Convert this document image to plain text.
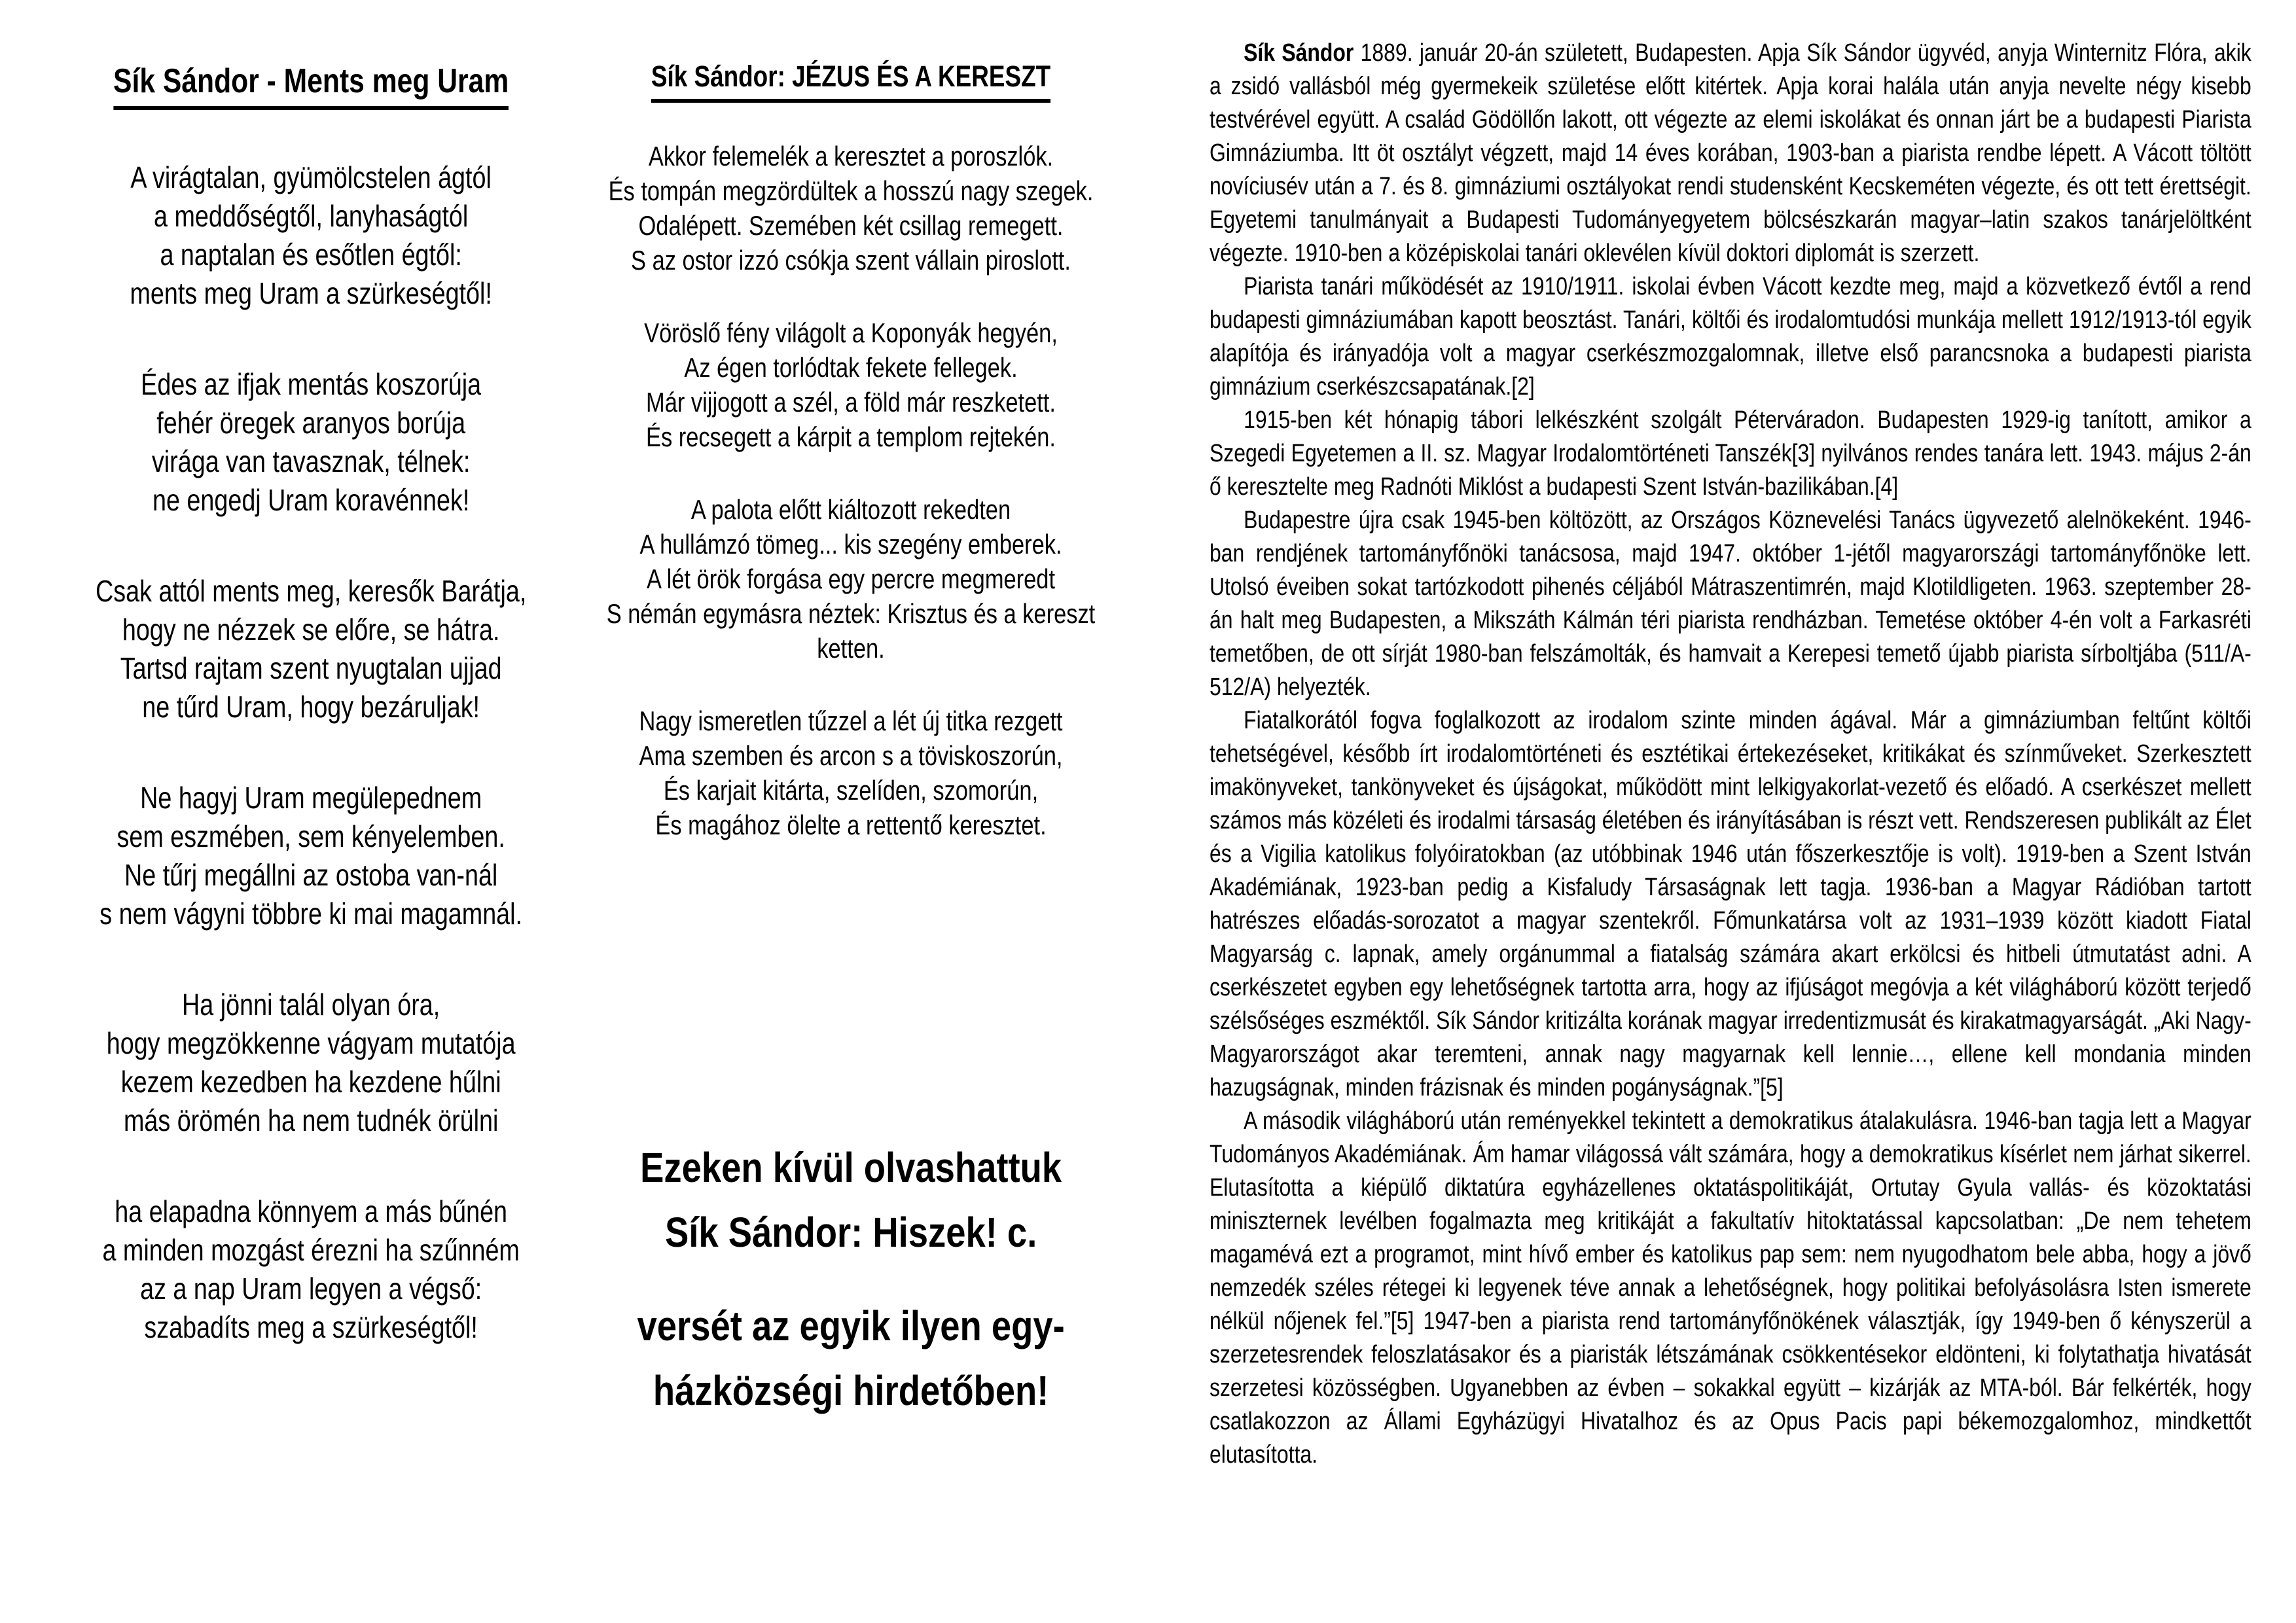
Sík Sándor - Ments meg Uram
A virágtalan, gyümölcstelen ágtól
a meddőségtől, lanyhaságtól
a naptalan és esőtlen égtől:
ments meg Uram a szürkeségtől!
Édes az ifjak mentás koszorúja
fehér öregek aranyos borúja
virága van tavasznak, télnek:
ne engedj Uram koravénnek!
Csak attól ments meg, keresők Barátja,
hogy ne nézzek se előre, se hátra.
Tartsd rajtam szent nyugtalan ujjad
ne tűrd Uram, hogy bezáruljak!
Ne hagyj Uram megülepednem
sem eszmében, sem kényelemben.
Ne tűrj megállni az ostoba van-nál
s nem vágyni többre ki mai magamnál.
Ha jönni talál olyan óra,
hogy megzökkenne vágyam mutatója
kezem kezedben ha kezdene hűlni
más örömén ha nem tudnék örülni
ha elapadna könnyem a más bűnén
a minden mozgást érezni ha szűnném
az a nap Uram legyen a végső:
szabadíts meg a szürkeségtől!
Sík Sándor: JÉZUS ÉS A KERESZT
Akkor felemelék a keresztet a poroszlók.
És tompán megzördültek a hosszú nagy szegek.
Odalépett. Szemében két csillag remegett.
S az ostor izzó csókja szent vállain piroslott.
Vöröslő fény világolt a Koponyák hegyén,
Az égen torlódtak fekete fellegek.
Már vijjogott a szél, a föld már reszketett.
És recsegett a kárpit a templom rejtekén.
A palota előtt kiáltozott rekedten
A hullámzó tömeg... kis szegény emberek.
A lét örök forgása egy percre megmeredt
S némán egymásra néztek: Krisztus és a kereszt
ketten.
Nagy ismeretlen tűzzel a lét új titka rezgett
Ama szemben és arcon s a töviskoszorún,
És karjait kitárta, szelíden, szomorún,
És magához ölelte a rettentő keresztet.
Ezeken kívül olvashattuk
Sík Sándor: Hiszek! c.
versét az egyik ilyen egy-
házközségi hirdetőben!

Sík Sándor 1889. január 20-án született, Budapesten. Apja Sík Sándor ügyvéd, anyja Winternitz Flóra, akik a zsidó vallásból még gyermekeik születése előtt kitértek. Apja korai halála után anyja nevelte négy kisebb testvérével együtt. A család Gödöllőn lakott, ott végezte az elemi iskolákat és onnan járt be a budapesti Piarista Gimnáziumba. Itt öt osztályt végzett, majd 14 éves korában, 1903-ban a piarista rendbe lépett. A Vácott töltött novíciusév után a 7. és 8. gimnáziumi osztályokat rendi studensként Kecskeméten végezte, és ott tett érettségit. Egyetemi tanulmányait a Budapesti Tudományegyetem bölcsészkarán magyar–latin szakos tanárjelöltként végezte. 1910-ben a középiskolai tanári oklevélen kívül doktori diplomát is szerzett.

Piarista tanári működését az 1910/1911. iskolai évben Vácott kezdte meg, majd a közvetkező évtől a rend budapesti gimnáziumában kapott beosztást. Tanári, költői és irodalomtudósi munkája mellett 1912/1913-tól egyik alapítója és irányadója volt a magyar cserkészmozgalomnak, illetve első parancsnoka a budapesti piarista gimnázium cserkészcsapatának.[2]

1915-ben két hónapig tábori lelkészként szolgált Péterváradon. Budapesten 1929-ig tanított, amikor a Szegedi Egyetemen a II. sz. Magyar Irodalomtörténeti Tanszék[3] nyilvános rendes tanára lett. 1943. május 2-án ő keresztelte meg Radnóti Miklóst a budapesti Szent István-bazilikában.[4]

Budapestre újra csak 1945-ben költözött, az Országos Köznevelési Tanács ügyvezető alelnökeként. 1946-ban rendjének tartományfőnöki tanácsosa, majd 1947. október 1-jétől magyarországi tartományfőnöke lett. Utolsó éveiben sokat tartózkodott pihenés céljából Mátraszentimrén, majd Klotildligeten. 1963. szeptember 28-án halt meg Budapesten, a Mikszáth Kálmán téri piarista rendházban. Temetése október 4-én volt a Farkasréti temetőben, de ott sírját 1980-ban felszámolták, és hamvait a Kerepesi temető újabb piarista sírboltjába (511/A-512/A) helyezték.

Fiatalkorától fogva foglalkozott az irodalom szinte minden ágával. Már a gimnáziumban feltűnt költői tehetségével, később írt irodalomtörténeti és esztétikai értekezéseket, kritikákat és színműveket. Szerkesztett imakönyveket, tankönyveket és újságokat, működött mint lelkigyakorlat-vezető és előadó. A cserkészet mellett számos más közéleti és irodalmi társaság életében és irányításában is részt vett. Rendszeresen publikált az Élet és a Vigilia katolikus folyóiratokban (az utóbbinak 1946 után főszerkesztője is volt). 1919-ben a Szent István Akadémiának, 1923-ban pedig a Kisfaludy Társaságnak lett tagja. 1936-ban a Magyar Rádióban tartott hatrészes előadás-sorozatot a magyar szentekről. Főmunkatársa volt az 1931–1939 között kiadott Fiatal Magyarság c. lapnak, amely orgánummal a fiatalság számára akart erkölcsi és hitbeli útmutatást adni. A cserkészetet egyben egy lehetőségnek tartotta arra, hogy az ifjúságot megóvja a két világháború között terjedő szélsőséges eszméktől. Sík Sándor kritizálta korának magyar irredentizmusát és kirakatmagyarságát. „Aki Nagy-Magyarországot akar teremteni, annak nagy magyarnak kell lennie…, ellene kell mondania minden hazugságnak, minden frázisnak és minden pogányságnak.”[5]

A második világháború után reményekkel tekintett a demokratikus átalakulásra. 1946-ban tagja lett a Magyar Tudományos Akadémiának. Ám hamar világossá vált számára, hogy a demokratikus kísérlet nem járhat sikerrel. Elutasította a kiépülő diktatúra egyházellenes oktatáspolitikáját, Ortutay Gyula vallás- és közoktatási miniszternek levélben fogalmazta meg kritikáját a fakultatív hitoktatással kapcsolatban: „De nem tehetem magamévá ezt a programot, mint hívő ember és katolikus pap sem: nem nyugodhatom bele abba, hogy a jövő nemzedék széles rétegei ki legyenek téve annak a lehetőségnek, hogy politikai befolyásolásra Isten ismerete nélkül nőjenek fel.”[5] 1947-ben a piarista rend tartományfőnökének választják, így 1949-ben ő kényszerül a szerzetesrendek feloszlatásakor és a piaristák létszámának csökkentésekor eldönteni, ki folytathatja hivatását szerzetesi közösségben. Ugyanebben az évben – sokakkal együtt – kizárják az MTA-ból. Bár felkérték, hogy csatlakozzon az Állami Egyházügyi Hivatalhoz és az Opus Pacis papi békemozgalomhoz, mindkettőt elutasította.
